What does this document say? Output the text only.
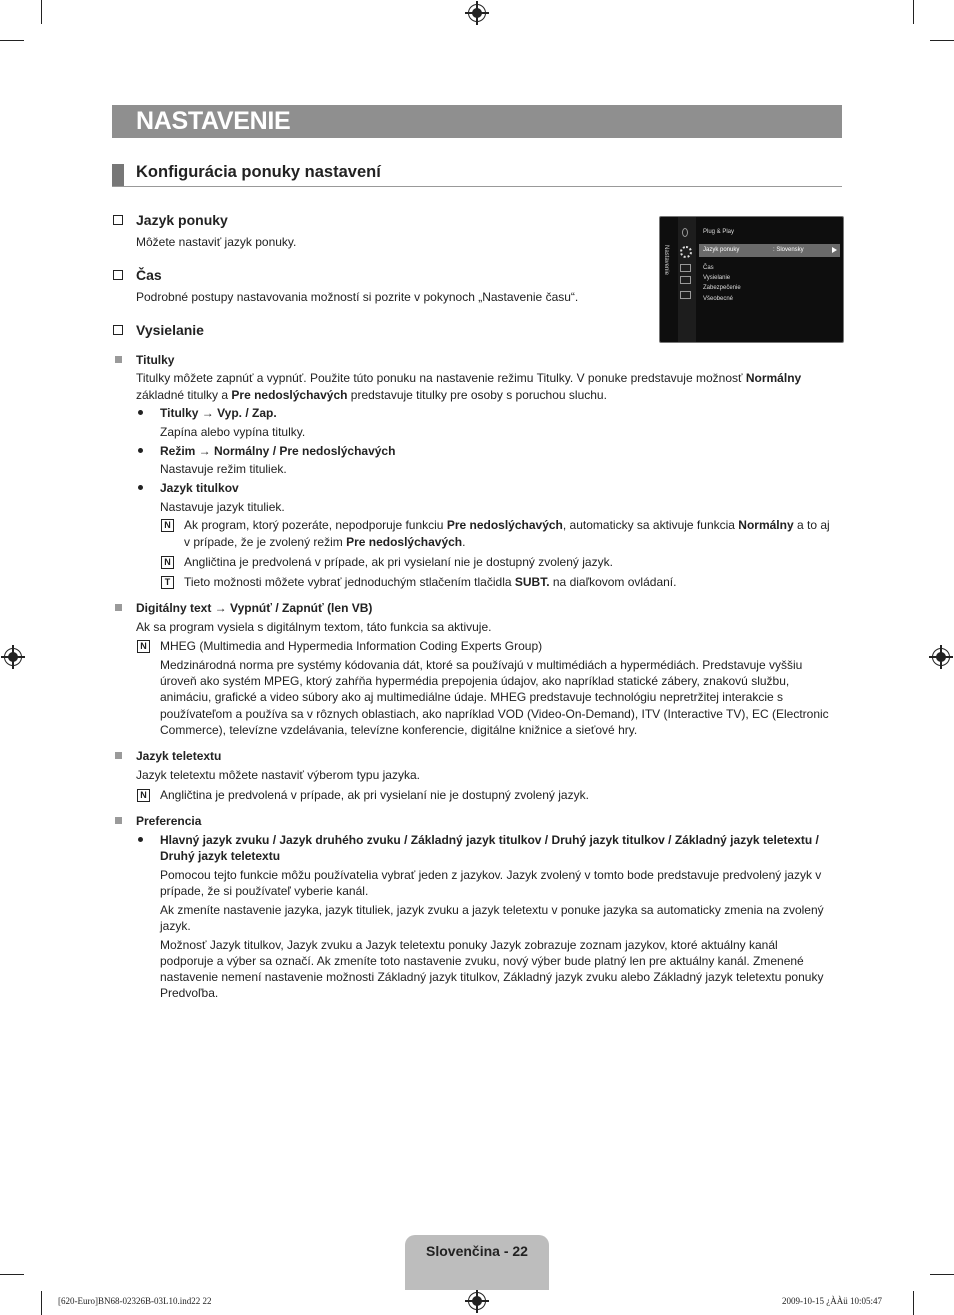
NASTAVENIE
Konfigurácia ponuky nastavení
Jazyk ponuky
Môžete nastaviť jazyk ponuky.
Čas
Podrobné postupy nastavovania možností si pozrite v pokynoch „Nastavenie času“.
Vysielanie
Nastavenie
Plug & Play
Jazyk ponuky	: Slovensky
Čas
Vysielanie
Zabezpečenie
Všeobecné
Titulky
Titulky môžete zapnúť a vypnúť. Použite túto ponuku na nastavenie režimu Titulky. V ponuke predstavuje možnosť Normálny
základné titulky a Pre nedoslýchavých predstavuje titulky pre osoby s poruchou sluchu.
Titulky → Vyp. / Zap.
Zapína alebo vypína titulky.
Režim → Normálny / Pre nedoslýchavých
Nastavuje režim tituliek.
Jazyk titulkov
Nastavuje jazyk tituliek.
N Ak program, ktorý pozeráte, nepodporuje funkciu Pre nedoslýchavých, automaticky sa aktivuje funkcia Normálny a to aj
v prípade, že je zvolený režim Pre nedoslýchavých.
N Angličtina je predvolená v prípade, ak pri vysielaní nie je dostupný zvolený jazyk.
T	Tieto možnosti môžete vybrať jednoduchým stlačením tlačidla SUBT. na diaľkovom ovládaní.
Digitálny text → Vypnúť / Zapnúť (len VB)
Ak sa program vysiela s digitálnym textom, táto funkcia sa aktivuje.
N MHEG (Multimedia and Hypermedia Information Coding Experts Group)
Medzinárodná norma pre systémy kódovania dát, ktoré sa používajú v multimédiách a hypermédiách. Predstavuje vyššiu
úroveň ako systém MPEG, ktorý zahŕňa hypermédia prepojenia údajov, ako napríklad statické zábery, znakovú službu,
animáciu, grafické a video súbory ako aj multimediálne údaje. MHEG predstavuje technológiu nepretržitej interakcie s
používateľom a používa sa v rôznych oblastiach, ako napríklad VOD (Video-On-Demand), ITV (Interactive TV), EC (Electronic
Commerce), televízne vzdelávania, televízne konferencie, digitálne knižnice a sieťové hry.
Jazyk teletextu
Jazyk teletextu môžete nastaviť výberom typu jazyka.
N Angličtina je predvolená v prípade, ak pri vysielaní nie je dostupný zvolený jazyk.
Preferencia
Hlavný jazyk zvuku / Jazyk druhého zvuku / Základný jazyk titulkov / Druhý jazyk titulkov / Základný jazyk teletextu /
Druhý jazyk teletextu
Pomocou tejto funkcie môžu používatelia vybrať jeden z jazykov. Jazyk zvolený v tomto bode predstavuje predvolený jazyk v
prípade, že si používateľ vyberie kanál.
Ak zmeníte nastavenie jazyka, jazyk tituliek, jazyk zvuku a jazyk teletextu v ponuke jazyka sa automaticky zmenia na zvolený
jazyk.
Možnosť Jazyk titulkov, Jazyk zvuku a Jazyk teletextu ponuky Jazyk zobrazuje zoznam jazykov, ktoré aktuálny kanál
podporuje a výber sa označí. Ak zmeníte toto nastavenie zvuku, nový výber bude platný len pre aktuálny kanál. Zmenené
nastavenie nemení nastavenie možnosti Základný jazyk titulkov, Základný jazyk zvuku alebo Základný jazyk teletextu ponuky
Predvoľba.
Slovenčina - 22
[620-Euro]BN68-02326B-03L10.ind22 22	2009-10-15 ¿ÀÀü 10:05:47
